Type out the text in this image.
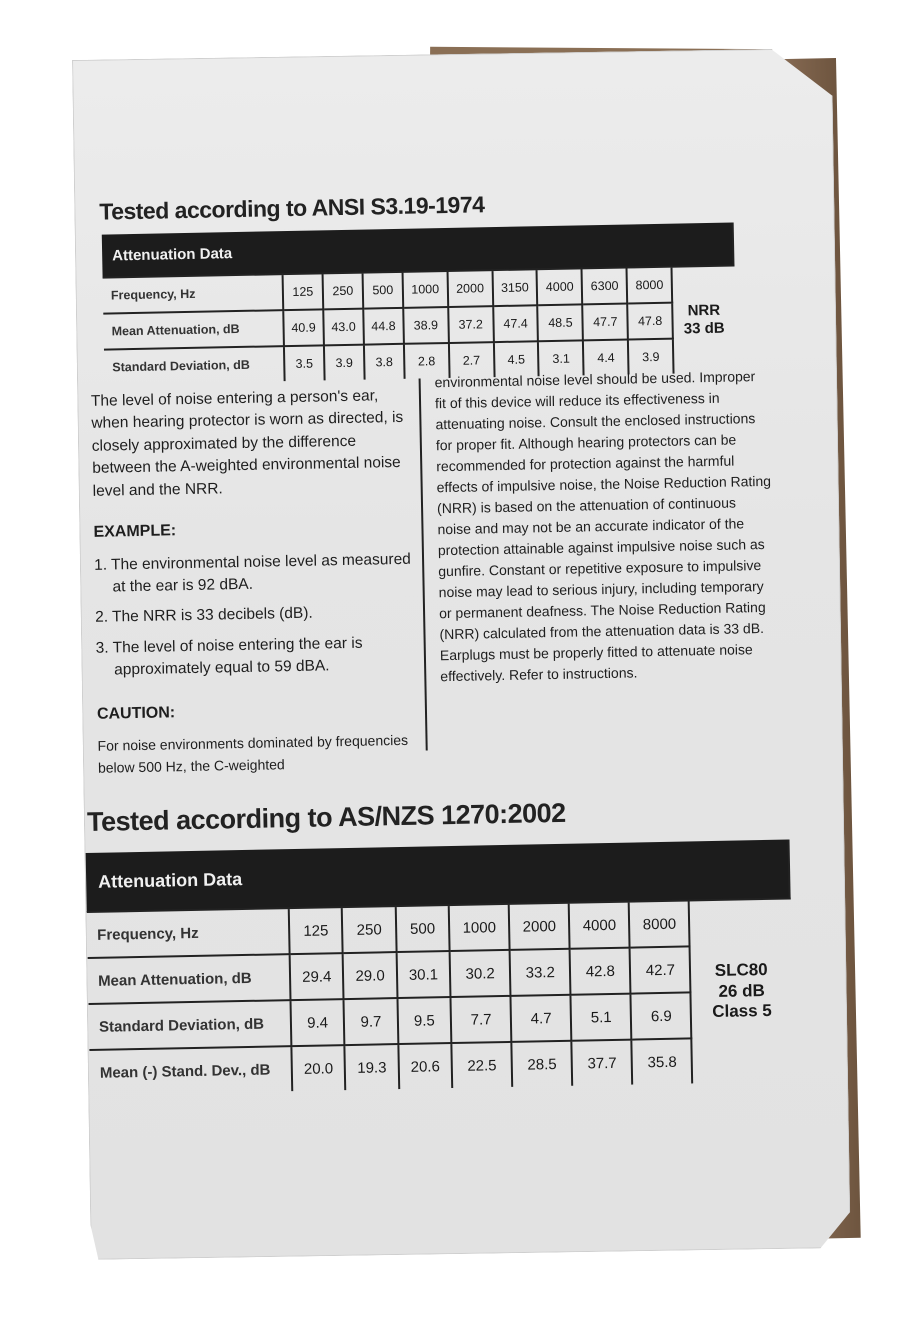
Tested according to ANSI S3.19-1974
Attenuation Data										
Frequency, Hz	125	250	500	1000	2000	3150	4000	6300	8000	NRR
33 dB

Mean Attenuation, dB	40.9	43.0	44.8	38.9	37.2	47.4	48.5	47.7	47.8	
Standard Deviation, dB	3.5	3.9	3.8	2.8	2.7	4.5	3.1	4.4	3.9	

The level of noise entering a person's ear, when hearing protector is worn as directed, is closely approximated by the difference between the A-weighted environmental noise level and the NRR.

EXAMPLE:
1. The environmental noise level as measured at the ear is 92 dBA.
2. The NRR is 33 decibels (dB).
3. The level of noise entering the ear is approximately equal to 59 dBA.
CAUTION:

For noise environments dominated by frequencies below 500 Hz, the C-weighted

environmental noise level should be used. Improper fit of this device will reduce its effectiveness in attenuating noise. Consult the enclosed instructions for proper fit. Although hearing protectors can be recommended for protection against the harmful effects of impulsive noise, the Noise Reduction Rating (NRR) is based on the attenuation of continuous noise and may not be an accurate indicator of the protection attainable against impulsive noise such as gunfire. Constant or repetitive exposure to impulsive noise may lead to serious injury, including temporary or permanent deafness. The Noise Reduction Rating (NRR) calculated from the attenuation data is 33 dB. Earplugs must be properly fitted to attenuate noise effectively. Refer to instructions.
Tested according to AS/NZS 1270:2002
Attenuation Data								
Frequency, Hz	125	250	500	1000	2000	4000	8000	SLC80
26 dB
Class 5

Mean Attenuation, dB	29.4	29.0	30.1	30.2	33.2	42.8	42.7	
Standard Deviation, dB	9.4	9.7	9.5	7.7	4.7	5.1	6.9	
Mean (-) Stand. Dev., dB	20.0	19.3	20.6	22.5	28.5	37.7	35.8	
